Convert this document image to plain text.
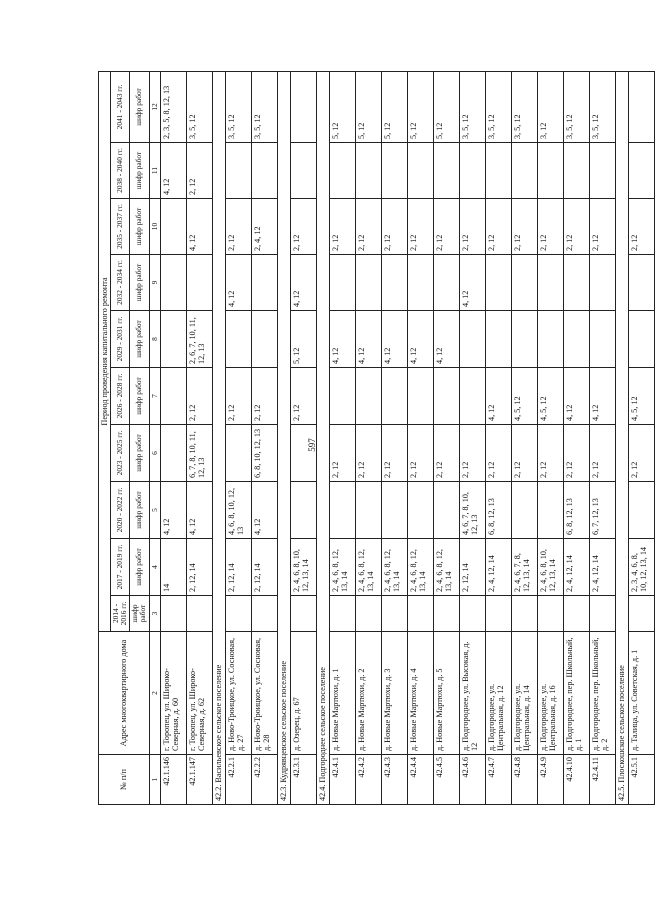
597
№ п/п	Адрес многоквартирного дома	Период проведения капитального ремонта									
		2014 - 2016 гг.	2017 - 2019 гг.	2020 - 2022 гг.	2023 - 2025 гг.	2026 - 2028 гг.	2029 - 2031 гг.	2032 - 2034 гг.	2035 - 2037 гг.	2038 - 2040 гг.	2041 - 2043 гг.
		шифр работ	шифр работ	шифр работ	шифр работ	шифр работ	шифр работ	шифр работ	шифр работ	шифр работ	шифр работ
1	2	3	4	5	6	7	8	9	10	11	12
42.1.146	г. Торопец, ул. Широко-Северная, д. 60		14	4, 12						4, 12	2, 3, 5, 8, 12, 13
42.1.147	г. Торопец, ул. Широко-Северная, д. 62		2, 12, 14	4, 12	6, 7, 8, 10, 11, 12, 13	2, 12	2, 6, 7, 10, 11, 12, 13		4, 12	2, 12	3, 5, 12
42.2. Васильевское сельское поселение											
42.2.1	д. Ново-Троицкое, ул. Сосновая, д. 27		2, 12, 14	4, 6, 8, 10, 12, 13		2, 12		4, 12	2, 12		3, 5, 12
42.2.2	д. Ново-Троицкое, ул. Сосновая, д. 28		2, 12, 14	4, 12	6, 8, 10, 12, 13	2, 12			2, 4, 12		3, 5, 12
42.3. Кудрявцевское сельское поселение											
42.3.1	д. Озерец, д. 67		2, 4, 6, 8, 10, 12, 13, 14			2, 12	5, 12	4, 12	2, 12		
42.4. Подгороднее сельское поселение											
42.4.1	д. Новые Мартюхи, д. 1		2, 4, 6, 8, 12, 13, 14		2, 12		4, 12		2, 12		5, 12
42.4.2	д. Новые Мартюхи, д. 2		2, 4, 6, 8, 12, 13, 14		2, 12		4, 12		2, 12		5, 12
42.4.3	д. Новые Мартюхи, д. 3		2, 4, 6, 8, 12, 13, 14		2, 12		4, 12		2, 12		5, 12
42.4.4	д. Новые Мартюхи, д. 4		2, 4, 6, 8, 12, 13, 14		2, 12		4, 12		2, 12		5, 12
42.4.5	д. Новые Мартюхи, д. 5		2, 4, 6, 8, 12, 13, 14		2, 12		4, 12		2, 12		5, 12
42.4.6	д. Подгороднее, ул. Высокая, д. 12		2, 12, 14	4, 6, 7, 8, 10, 12, 13	2, 12			4, 12	2, 12		3, 5, 12
42.4.7	д. Подгороднее, ул. Центральная, д. 12		2, 4, 12, 14	6, 8, 12, 13	2, 12	4, 12			2, 12		3, 5, 12
42.4.8	д. Подгороднее, ул. Центральная, д. 14		2, 4, 6, 7, 8, 12, 13, 14		2, 12	4, 5, 12			2, 12		3, 5, 12
42.4.9	д. Подгороднее, ул. Центральная, д. 16		2, 4, 6, 8, 10, 12, 13, 14		2, 12	4, 5, 12			2, 12		3, 12
42.4.10	д. Подгороднее, пер. Школьный, д. 1		2, 4, 12, 14	6, 8, 12, 13	2, 12	4, 12			2, 12		3, 5, 12
42.4.11	д. Подгороднее, пер. Школьный, д. 2		2, 4, 12, 14	6, 7, 12, 13	2, 12	4, 12			2, 12		3, 5, 12
42.5. Плоскошское сельское поселение											
42.5.1	д. Талица, ул. Советская, д. 1		2, 3, 4, 6, 8, 10, 12, 13, 14		2, 12	4, 5, 12			2, 12		
